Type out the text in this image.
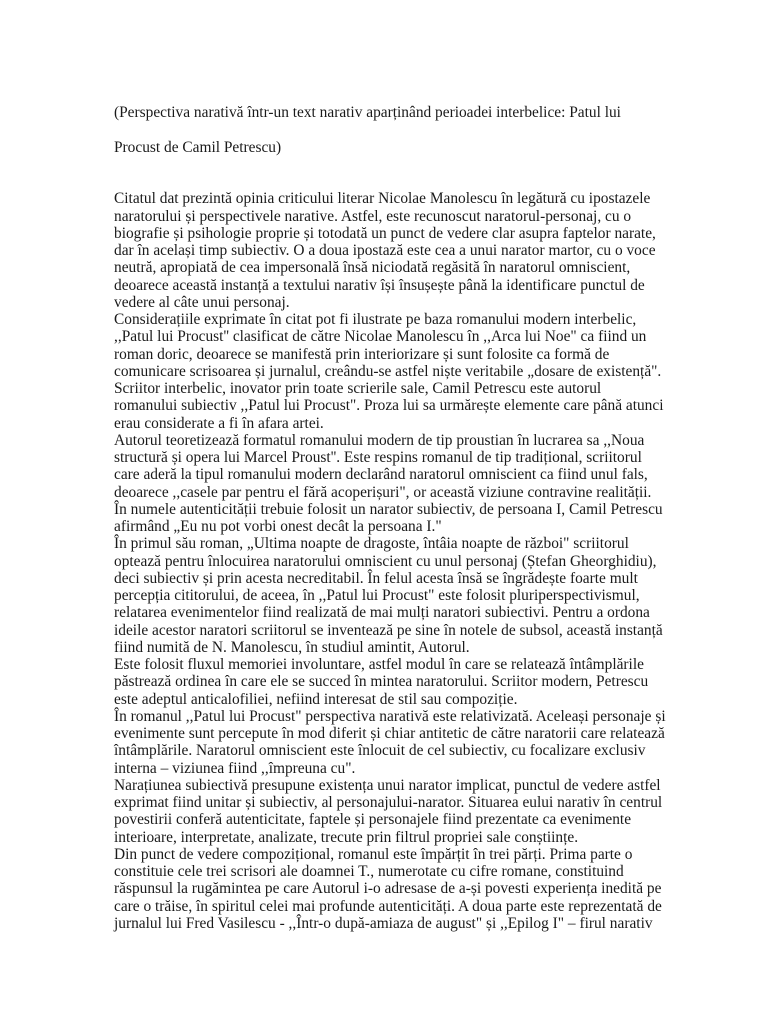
(Perspectiva narativă într-un text narativ aparținând perioadei interbelice: Patul lui

Procust de Camil Petrescu)

Citatul dat prezintă opinia criticului literar Nicolae Manolescu în legătură cu ipostazele
naratorului și perspectivele narative. Astfel, este recunoscut naratorul-personaj, cu o
biografie și psihologie proprie și totodată un punct de vedere clar asupra faptelor narate,
dar în același timp subiectiv. O a doua ipostază este cea a unui narator martor, cu o voce
neutră, apropiată de cea impersonală însă niciodată regăsită în naratorul omniscient,
deoarece această instanță a textului narativ își însușește până la identificare punctul de
vedere al câte unui personaj.
Considerațiile exprimate în citat pot fi ilustrate pe baza romanului modern interbelic,
,,Patul lui Procust'' clasificat de către Nicolae Manolescu în ,,Arca lui Noe" ca fiind un
roman doric, deoarece se manifestă prin interiorizare și sunt folosite ca formă de
comunicare scrisoarea și jurnalul, creându-se astfel niște veritabile „dosare de existență".
Scriitor interbelic, inovator prin toate scrierile sale, Camil Petrescu este autorul
romanului subiectiv ,,Patul lui Procust". Proza lui sa urmărește elemente care până atunci
erau considerate a fi în afara artei.
Autorul teoretizează formatul romanului modern de tip proustian în lucrarea sa ,,Noua
structură și opera lui Marcel Proust''. Este respins romanul de tip tradițional, scriitorul
care aderă la tipul romanului modern declarând naratorul omniscient ca fiind unul fals,
deoarece ,,casele par pentru el fără acoperișuri", or această viziune contravine realității.
În numele autenticității trebuie folosit un narator subiectiv, de persoana I, Camil Petrescu
afirmând „Eu nu pot vorbi onest decât la persoana I."
În primul său roman, „Ultima noapte de dragoste, întâia noapte de război" scriitorul
optează pentru înlocuirea naratorului omniscient cu unul personaj (Ștefan Gheorghidiu),
deci subiectiv și prin acesta necreditabil. În felul acesta însă se îngrădește foarte mult
percepția cititorului, de aceea, în ,,Patul lui Procust" este folosit pluriperspectivismul,
relatarea evenimentelor fiind realizată de mai mulți naratori subiectivi. Pentru a ordona
ideile acestor naratori scriitorul se inventează pe sine în notele de subsol, această instanță
fiind numită de N. Manolescu, în studiul amintit, Autorul.
Este folosit fluxul memoriei involuntare, astfel modul în care se relatează întâmplările
păstrează ordinea în care ele se succed în mintea naratorului. Scriitor modern, Petrescu
este adeptul anticalofiliei, nefiind interesat de stil sau compoziție.
În romanul ,,Patul lui Procust" perspectiva narativă este relativizată. Aceleași personaje și
evenimente sunt percepute în mod diferit și chiar antitetic de către naratorii care relatează
întâmplările. Naratorul omniscient este înlocuit de cel subiectiv, cu focalizare exclusiv
interna – viziunea fiind ,,împreuna cu".
Narațiunea subiectivă presupune existența unui narator implicat, punctul de vedere astfel
exprimat fiind unitar și subiectiv, al personajului-narator. Situarea eului narativ în centrul
povestirii conferă autenticitate, faptele și personajele fiind prezentate ca evenimente
interioare, interpretate, analizate, trecute prin filtrul propriei sale conștiințe.
Din punct de vedere compozițional, romanul este împărțit în trei părți. Prima parte o
constituie cele trei scrisori ale doamnei T., numerotate cu cifre romane, constituind
răspunsul la rugămintea pe care Autorul i-o adresase de a-și povesti experiența inedită pe
care o trăise, în spiritul celei mai profunde autenticități. A doua parte este reprezentată de
jurnalul lui Fred Vasilescu - ,,Într-o după-amiaza de august" și ,,Epilog I" – firul narativ
